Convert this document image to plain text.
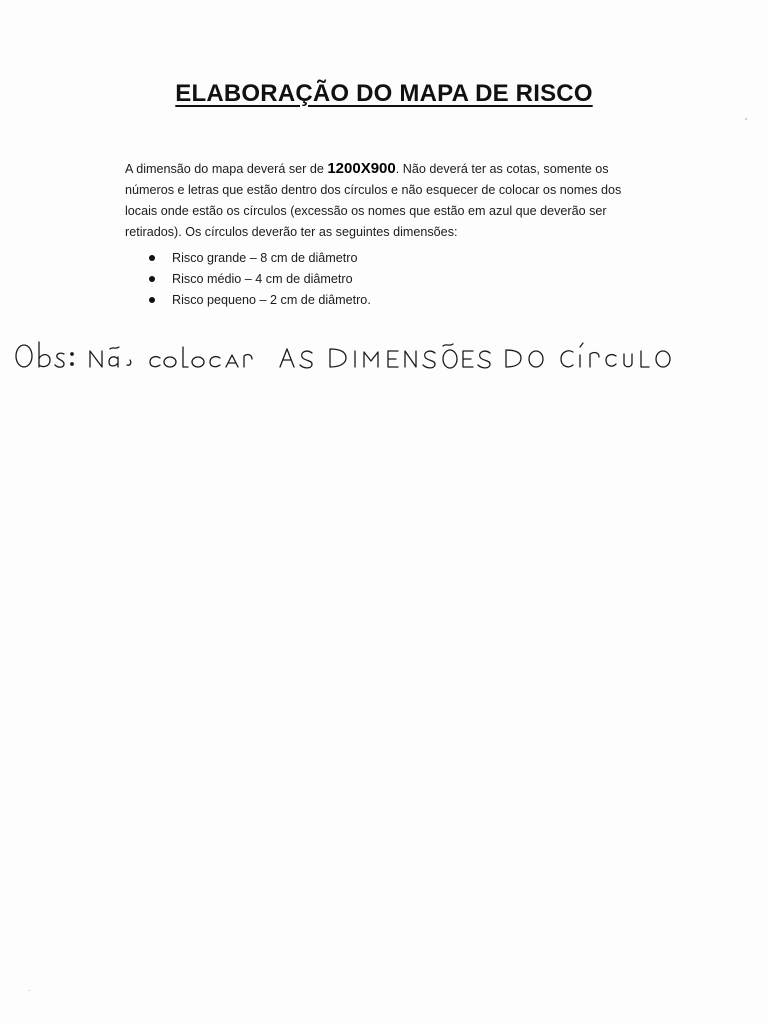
ELABORAÇÃO DO MAPA DE RISCO

A dimensão do mapa deverá ser de 1200X900. Não deverá ter as cotas, somente os números e letras que estão dentro dos círculos e não esquecer de colocar os nomes dos locais onde estão os círculos (excessão os nomes que estão em azul que deverão ser retirados). Os círculos deverão ter as seguintes dimensões:

Risco grande – 8 cm de diâmetro
Risco médio – 4 cm de diâmetro
Risco pequeno – 2 cm de diâmetro.
